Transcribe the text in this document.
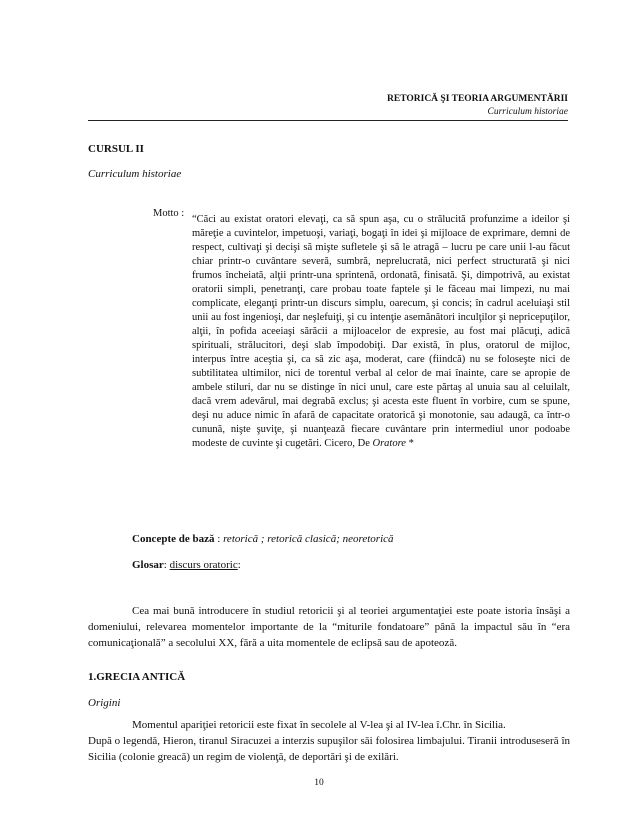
RETORICĂ ŞI TEORIA ARGUMENTĂRII
Curriculum historiae
CURSUL II
Curriculum historiae
Motto :
“Căci au existat oratori elevaţi, ca să spun aşa, cu o strălucită profunzime a ideilor şi măreţie a cuvintelor, impetuoşi, variaţi, bogaţi în idei şi mijloace de exprimare, demni de respect, cultivaţi şi decişi să mişte sufletele şi să le atragă – lucru pe care unii l-au făcut chiar printr-o cuvântare severă, sumbră, neprelucrată, nici perfect structurată şi nici frumos încheiată, alţii printr-una sprintenă, ordonată, finisată. Şi, dimpotrivă, au existat oratorii simpli, penetranţi, care probau toate faptele şi le făceau mai limpezi, nu mai complicate, eleganţi printr-un discurs simplu, oarecum, şi concis; în cadrul aceluiaşi stil unii au fost ingenioşi, dar neşlefuiţi, şi cu intenţie asemănători inculţilor şi nepricepuţilor, alţii, în pofida aceeiaşi sărăcii a mijloacelor de expresie, au fost mai plăcuţi, adică spirituali, strălucitori, deşi slab împodobiţi. Dar există, în plus, oratorul de mijloc, interpus între aceştia şi, ca să zic aşa, moderat, care (fiindcă) nu se foloseşte nici de subtilitatea ultimilor, nici de torentul verbal al celor de mai înainte, care se apropie de ambele stiluri, dar nu se distinge în nici unul, care este părtaş al unuia sau al celuilalt, dacă vrem adevărul, mai degrabă exclus; şi acesta este fluent în vorbire, cum se spune, deşi nu aduce nimic în afară de capacitate oratorică şi monotonie, sau adaugă, ca într-o cunună, nişte şuviţe, şi nuanţează fiecare cuvântare prin intermediul unor podoabe modeste de cuvinte şi cugetări. Cicero, De Oratore *
Concepte de bază : retorică ; retorică clasică; neoretorică
Glosar: discurs oratoric:

Cea mai bună introducere în studiul retoricii şi al teoriei argumentaţiei este poate istoria însăşi a domeniului, relevarea momentelor importante de la “miturile fondatoare” până la impactul său în “era comunicaţională” a secolului XX, fără a uita momentele de eclipsă sau de apoteoză.

1.GRECIA ANTICĂ
Origini

Momentul apariţiei retoricii este fixat în secolele al V-lea şi al IV-lea î.Chr. în Sicilia.
După o legendă, Hieron, tiranul Siracuzei a interzis supuşilor săi folosirea limbajului. Tiranii introduseseră în Sicilia (colonie greacă) un regim de violenţă, de deportări şi de exilări.

10
